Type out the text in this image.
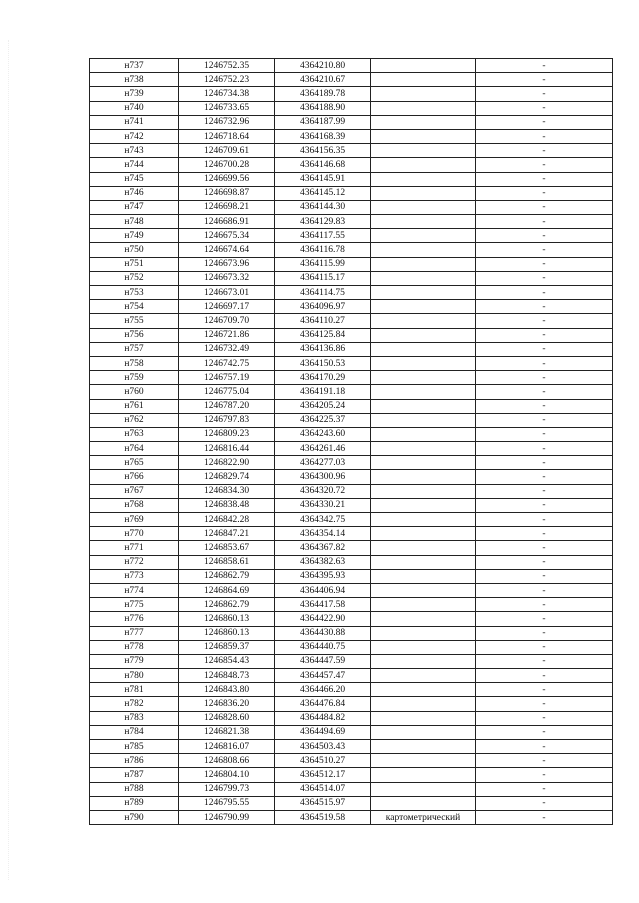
н737	1246752.35	4364210.80		-
н738	1246752.23	4364210.67		-
н739	1246734.38	4364189.78		-
н740	1246733.65	4364188.90		-
н741	1246732.96	4364187.99		-
н742	1246718.64	4364168.39		-
н743	1246709.61	4364156.35		-
н744	1246700.28	4364146.68		-
н745	1246699.56	4364145.91		-
н746	1246698.87	4364145.12		-
н747	1246698.21	4364144.30		-
н748	1246686.91	4364129.83		-
н749	1246675.34	4364117.55		-
н750	1246674.64	4364116.78		-
н751	1246673.96	4364115.99		-
н752	1246673.32	4364115.17		-
н753	1246673.01	4364114.75		-
н754	1246697.17	4364096.97		-
н755	1246709.70	4364110.27		-
н756	1246721.86	4364125.84		-
н757	1246732.49	4364136.86		-
н758	1246742.75	4364150.53		-
н759	1246757.19	4364170.29		-
н760	1246775.04	4364191.18		-
н761	1246787.20	4364205.24		-
н762	1246797.83	4364225.37		-
н763	1246809.23	4364243.60		-
н764	1246816.44	4364261.46		-
н765	1246822.90	4364277.03		-
н766	1246829.74	4364300.96		-
н767	1246834.30	4364320.72		-
н768	1246838.48	4364330.21		-
н769	1246842.28	4364342.75		-
н770	1246847.21	4364354.14		-
н771	1246853.67	4364367.82		-
н772	1246858.61	4364382.63		-
н773	1246862.79	4364395.93		-
н774	1246864.69	4364406.94		-
н775	1246862.79	4364417.58		-
н776	1246860.13	4364422.90		-
н777	1246860.13	4364430.88		-
н778	1246859.37	4364440.75		-
н779	1246854.43	4364447.59		-
н780	1246848.73	4364457.47		-
н781	1246843.80	4364466.20		-
н782	1246836.20	4364476.84		-
н783	1246828.60	4364484.82		-
н784	1246821.38	4364494.69		-
н785	1246816.07	4364503.43		-
н786	1246808.66	4364510.27		-
н787	1246804.10	4364512.17		-
н788	1246799.73	4364514.07		-
н789	1246795.55	4364515.97		-
н790	1246790.99	4364519.58	картометрический	-
